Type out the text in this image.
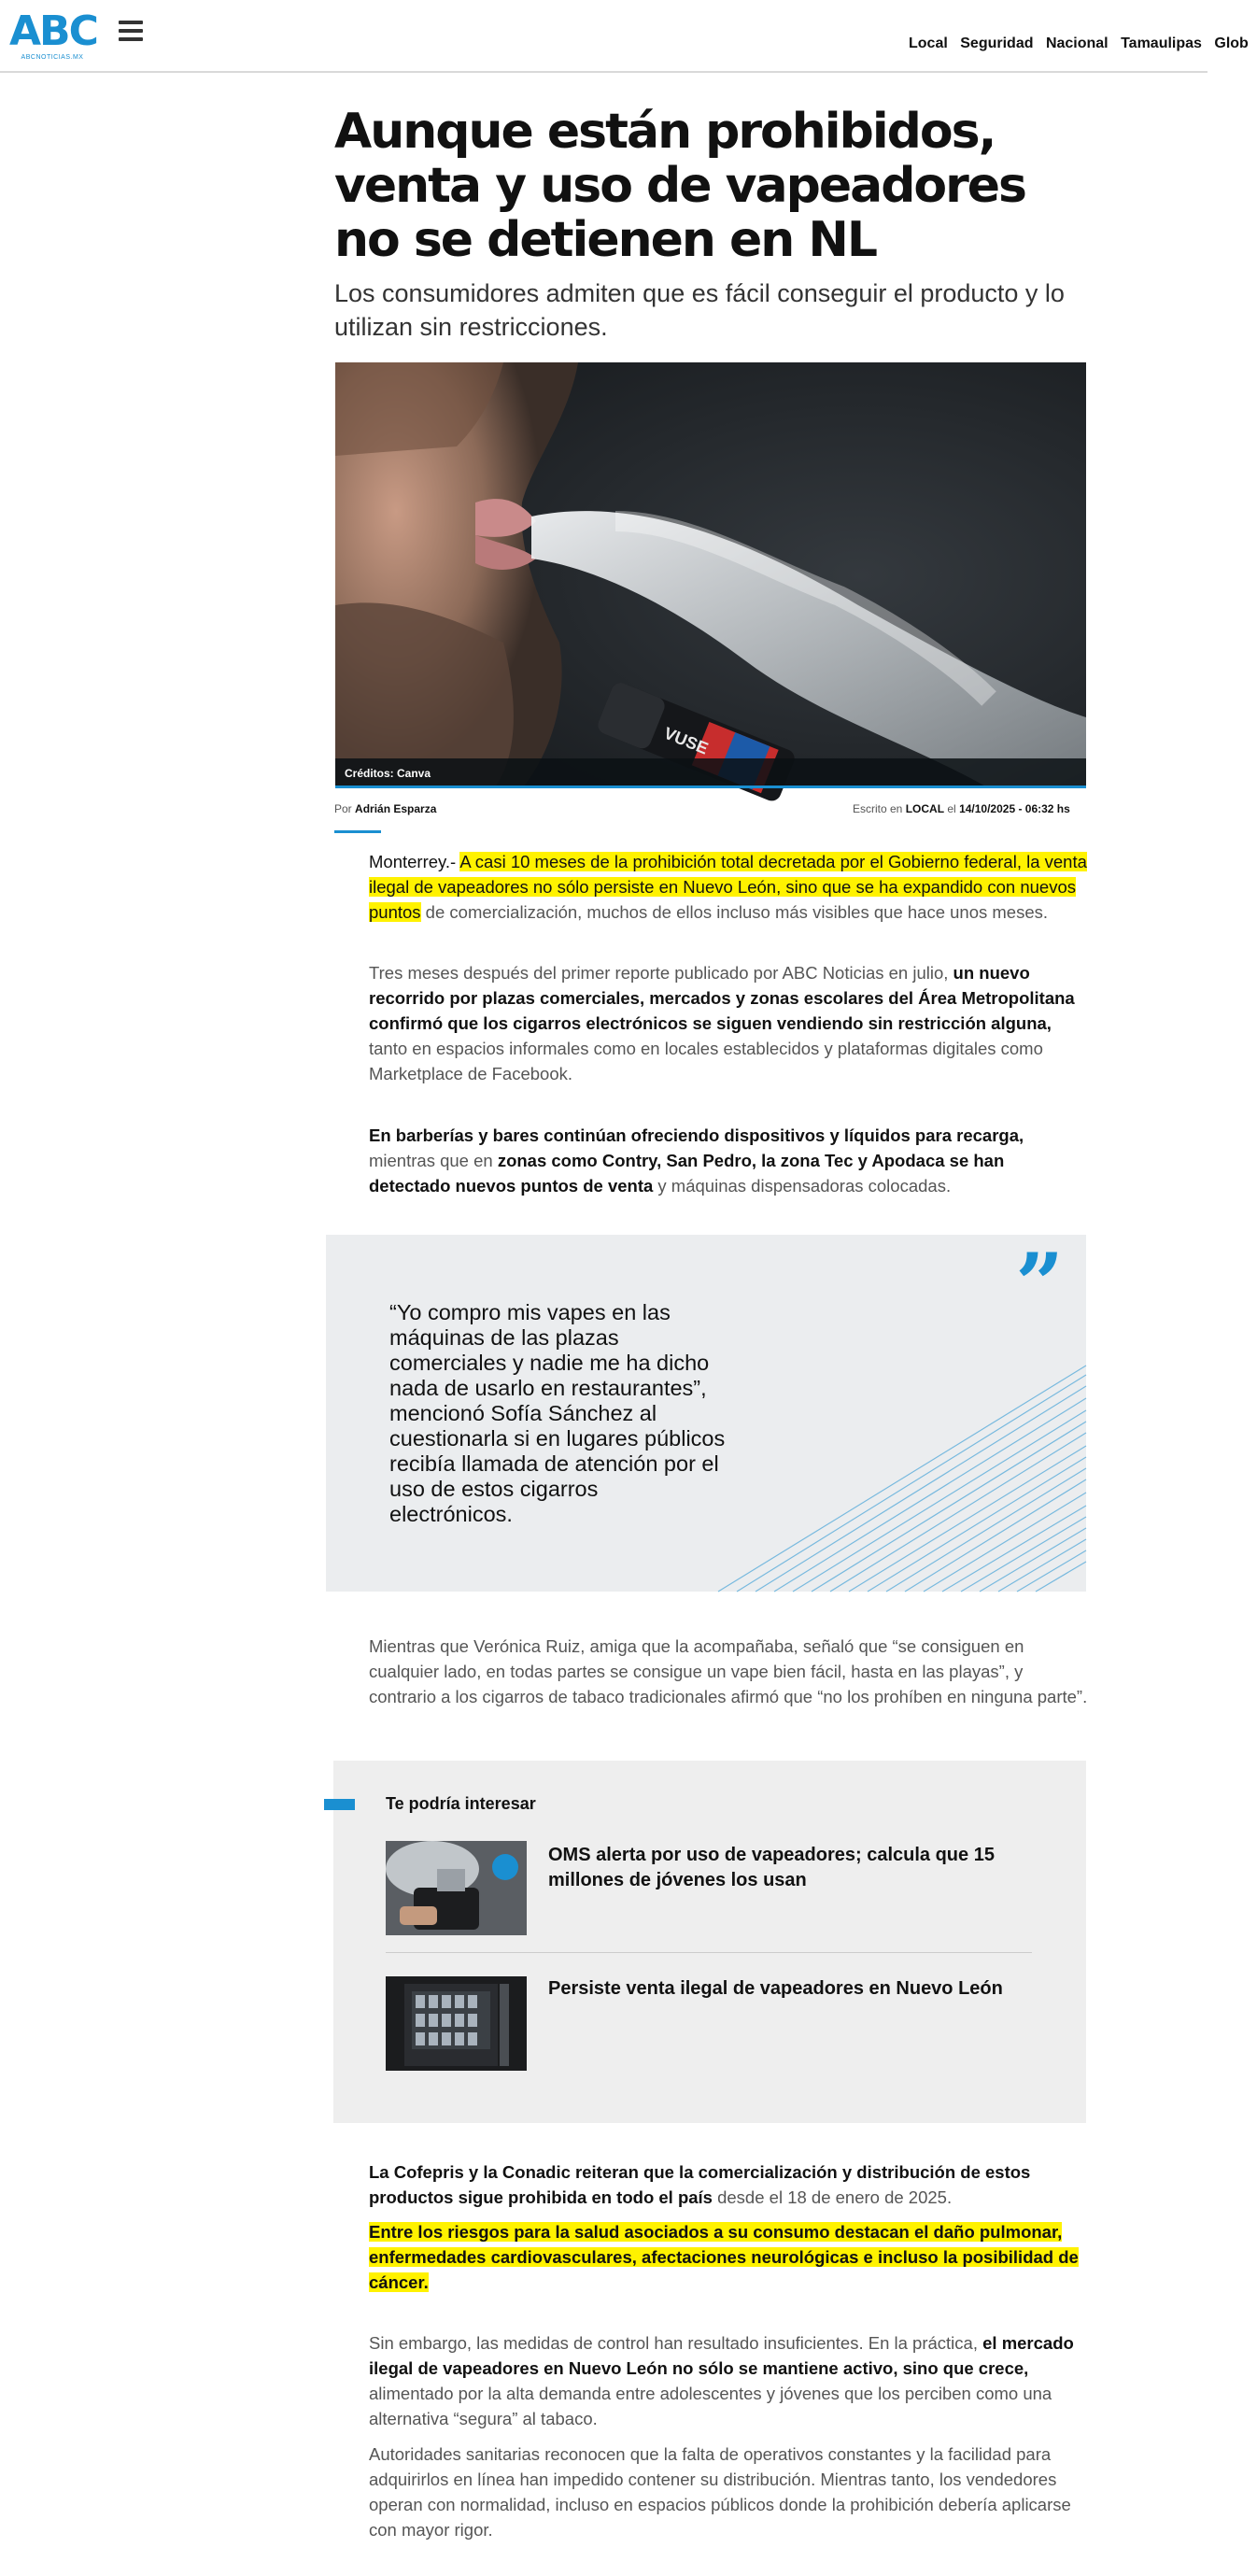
ABC
ABCNOTICIAS.MX
Local Seguridad Nacional Tamaulipas Glob
Aunque están prohibidos, venta y uso de vapeadores no se detienen en NL

Los consumidores admiten que es fácil conseguir el producto y lo utilizan sin restricciones.

VUSE
Créditos: Canva
Por Adrián Esparza	Escrito en LOCAL el 14/10/2025 - 06:32 hs

Monterrey.- A casi 10 meses de la prohibición total decretada por el Gobierno federal, la venta ilegal de vapeadores no sólo persiste en Nuevo León, sino que se ha expandido con nuevos puntos de comercialización, muchos de ellos incluso más visibles que hace unos meses.

Tres meses después del primer reporte publicado por ABC Noticias en julio, un nuevo recorrido por plazas comerciales, mercados y zonas escolares del Área Metropolitana confirmó que los cigarros electrónicos se siguen vendiendo sin restricción alguna, tanto en espacios informales como en locales establecidos y plataformas digitales como Marketplace de Facebook.

En barberías y bares continúan ofreciendo dispositivos y líquidos para recarga, mientras que en zonas como Contry, San Pedro, la zona Tec y Apodaca se han detectado nuevos puntos de venta y máquinas dispensadoras colocadas.

”

“Yo compro mis vapes en las máquinas de las plazas comerciales y nadie me ha dicho nada de usarlo en restaurantes”, mencionó Sofía Sánchez al cuestionarla si en lugares públicos recibía llamada de atención por el uso de estos cigarros electrónicos.

Mientras que Verónica Ruiz, amiga que la acompañaba, señaló que “se consiguen en cualquier lado, en todas partes se consigue un vape bien fácil, hasta en las playas”, y contrario a los cigarros de tabaco tradicionales afirmó que “no los prohíben en ninguna parte”.

Te podría interesar
OMS alerta por uso de vapeadores; calcula que 15 millones de jóvenes los usan
Persiste venta ilegal de vapeadores en Nuevo León

La Cofepris y la Conadic reiteran que la comercialización y distribución de estos productos sigue prohibida en todo el país desde el 18 de enero de 2025.

Entre los riesgos para la salud asociados a su consumo destacan el daño pulmonar, enfermedades cardiovasculares, afectaciones neurológicas e incluso la posibilidad de cáncer.

Sin embargo, las medidas de control han resultado insuficientes. En la práctica, el mercado ilegal de vapeadores en Nuevo León no sólo se mantiene activo, sino que crece, alimentado por la alta demanda entre adolescentes y jóvenes que los perciben como una alternativa “segura” al tabaco.

Autoridades sanitarias reconocen que la falta de operativos constantes y la facilidad para adquirirlos en línea han impedido contener su distribución. Mientras tanto, los vendedores operan con normalidad, incluso en espacios públicos donde la prohibición debería aplicarse con mayor rigor.
